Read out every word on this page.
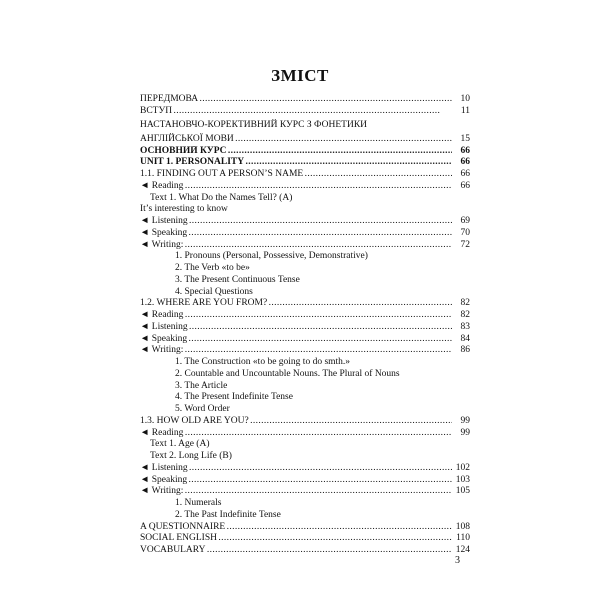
ЗМІСТ
ПЕРЕДМОВА . . .	10
ВСТУП . . .	11
НАСТАНОВЧО-КОРЕКТИВНИЙ КУРС З ФОНЕТИКИ
АНГЛІЙСЬКОЇ МОВИ . . .	15
ОСНОВНИЙ КУРС . . .	66
UNIT 1. PERSONALITY . . .	66
1.1. FINDING OUT A PERSON’S NAME . . .	66
◄ Reading . . .	66
Text 1. What Do the Names Tell? (A)
It’s interesting to know
◄ Listening . . .	69
◄ Speaking . . .	70
◄ Writing: . . .	72
1. Pronouns (Personal, Possessive, Demonstrative)
2. The Verb «to be»
3. The Present Continuous Tense
4. Special Questions
1.2. WHERE ARE YOU FROM? . . .	82
◄ Reading . . .	82
◄ Listening . . .	83
◄ Speaking . . .	84
◄ Writing: . . .	86
1. The Construction «to be going to do smth.»
2. Countable and Uncountable Nouns. The Plural of Nouns
3. The Article
4. The Present Indefinite Tense
5. Word Order
1.3. HOW OLD ARE YOU? . . .	99
◄ Reading . . .	99
Text 1. Age (A)
Text 2. Long Life (B)
◄ Listening . . .	102
◄ Speaking . . .	103
◄ Writing: . . .	105
1. Numerals
2. The Past Indefinite Tense
A QUESTIONNAIRE . . .	108
SOCIAL ENGLISH . . .	110
VOCABULARY . . .	124
3
